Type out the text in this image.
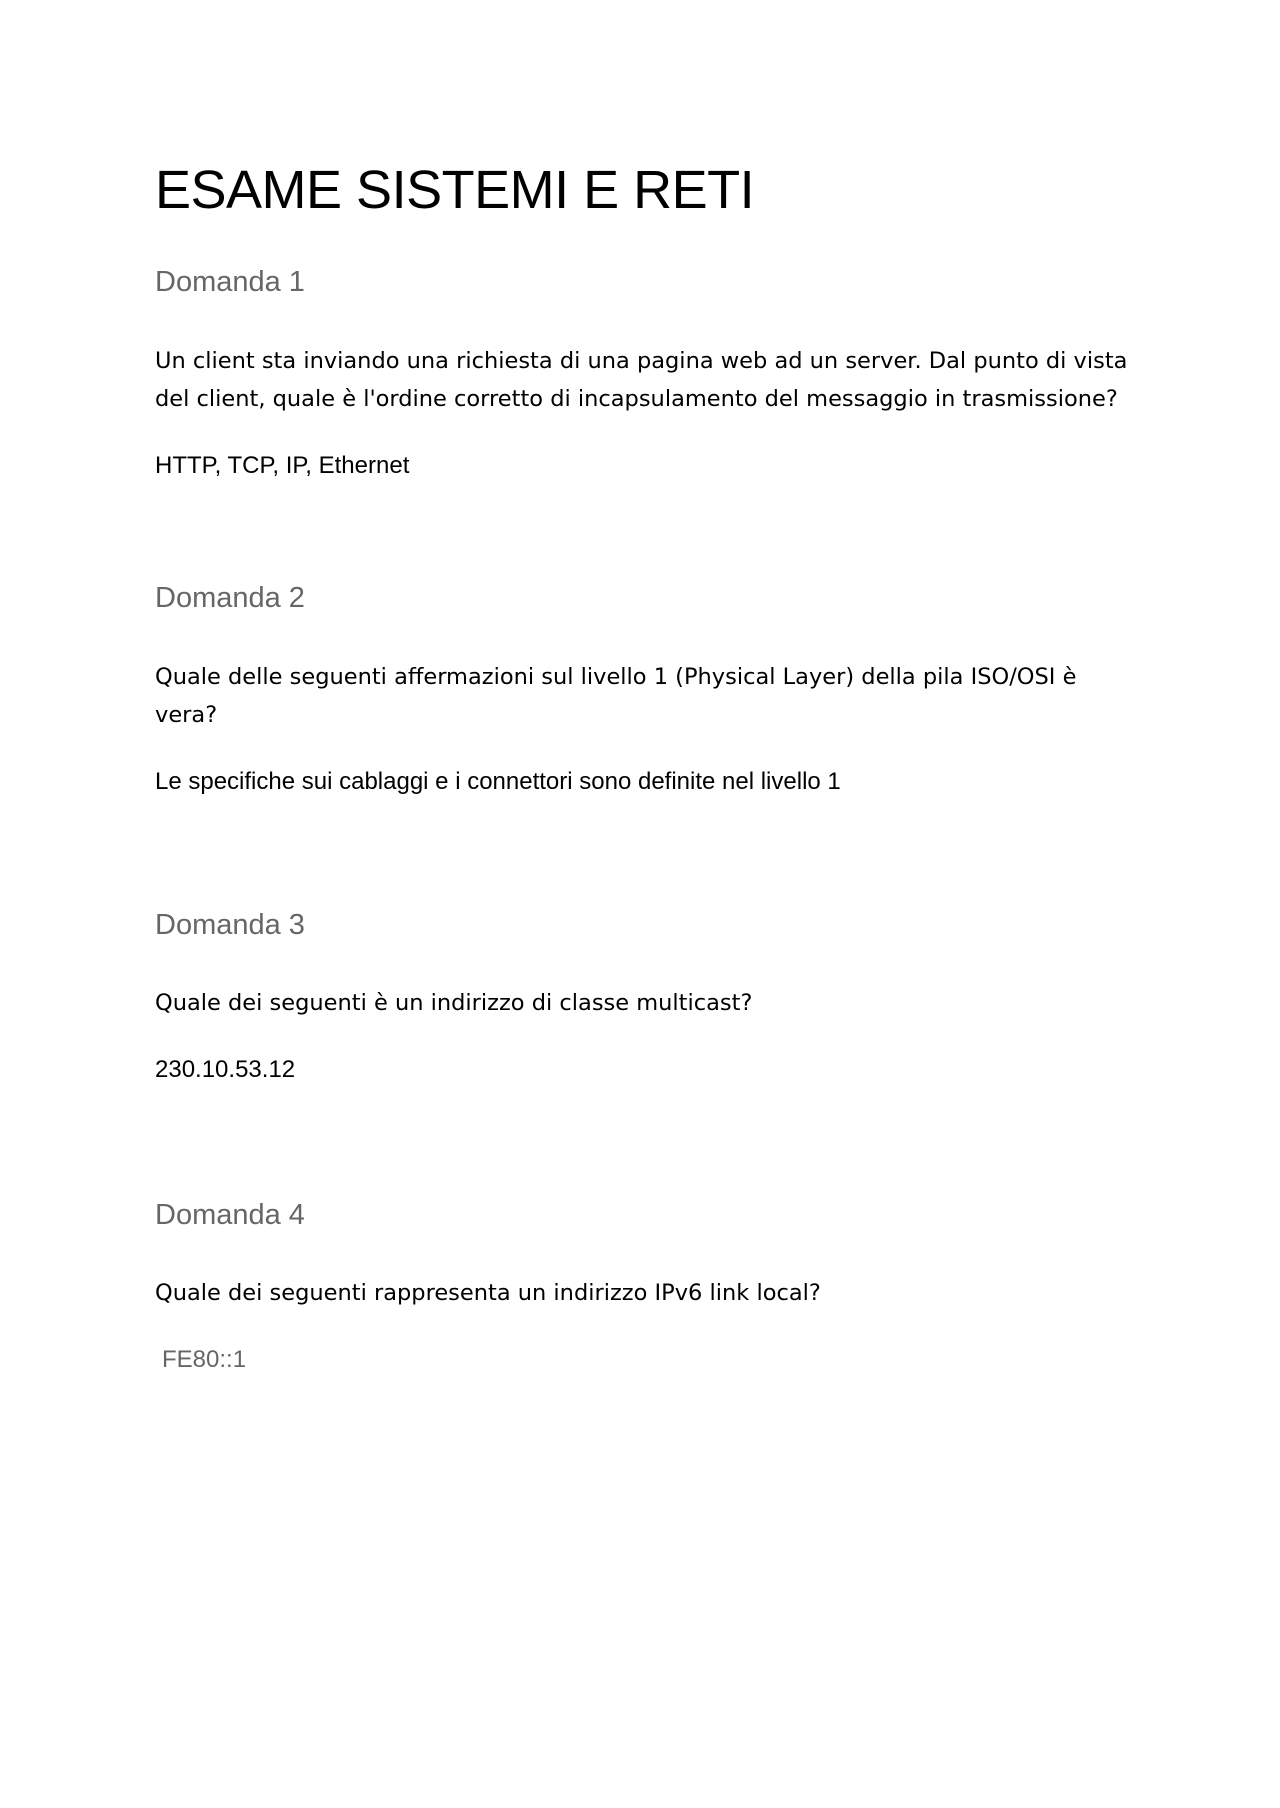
ESAME SISTEMI E RETI
Domanda 1

Un client sta inviando una richiesta di una pagina web ad un server. Dal punto di vista del client, quale è l'ordine corretto di incapsulamento del messaggio in trasmissione?

HTTP, TCP, IP, Ethernet

Domanda 2

Quale delle seguenti affermazioni sul livello 1 (Physical Layer) della pila ISO/OSI è vera?

Le specifiche sui cablaggi e i connettori sono definite nel livello 1

Domanda 3

Quale dei seguenti è un indirizzo di classe multicast?

230.10.53.12

Domanda 4

Quale dei seguenti rappresenta un indirizzo IPv6 link local?

FE80::1
